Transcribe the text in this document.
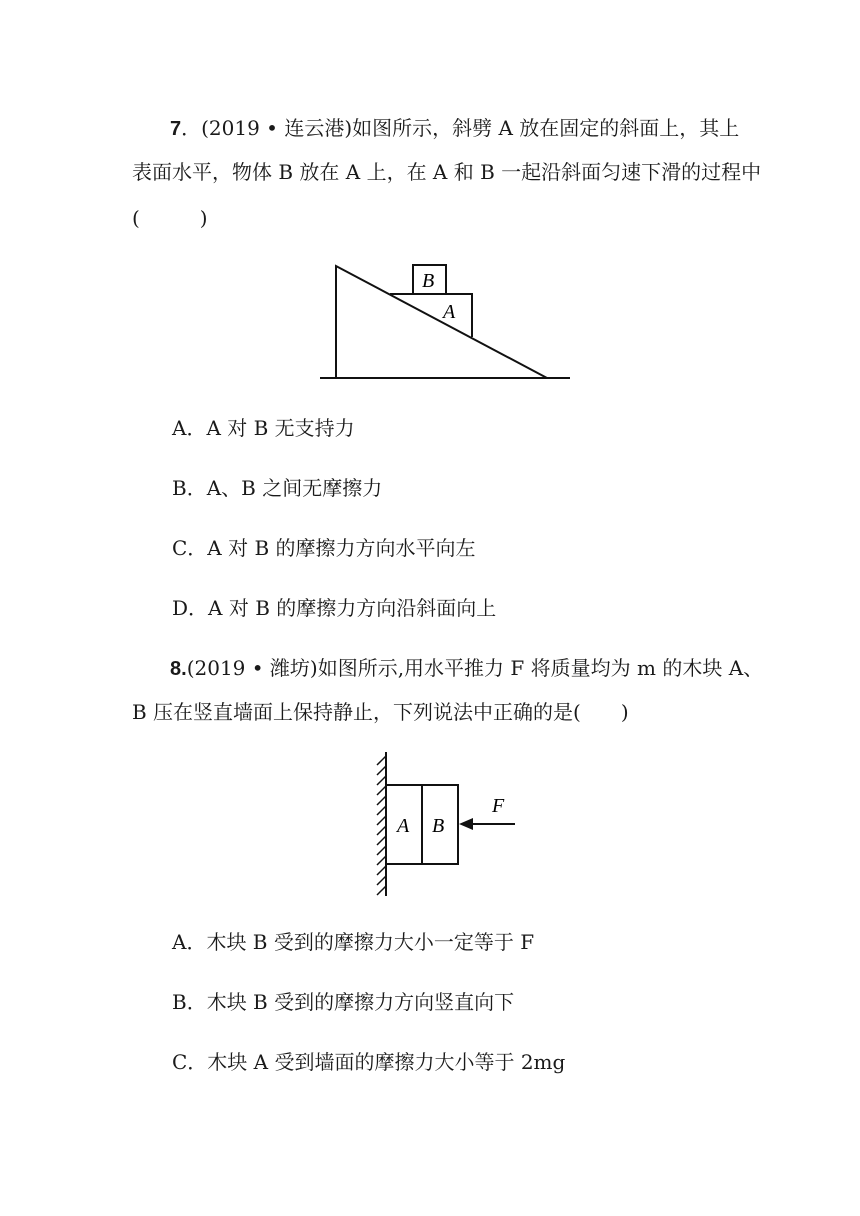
7．(2019 • 连云港)如图所示，斜劈 A 放在固定的斜面上，其上
表面水平，物体 B 放在 A 上，在 A 和 B 一起沿斜面匀速下滑的过程中
(　　　)
B
A
A．A 对 B 无支持力
B．A、B 之间无摩擦力
C．A 对 B 的摩擦力方向水平向左
D．A 对 B 的摩擦力方向沿斜面向上
8.(2019 • 潍坊)如图所示,用水平推力 F 将质量均为 m 的木块 A、
B 压在竖直墙面上保持静止，下列说法中正确的是(　　)
A B
F
A．木块 B 受到的摩擦力大小一定等于 F
B．木块 B 受到的摩擦力方向竖直向下
C．木块 A 受到墙面的摩擦力大小等于 2mg
